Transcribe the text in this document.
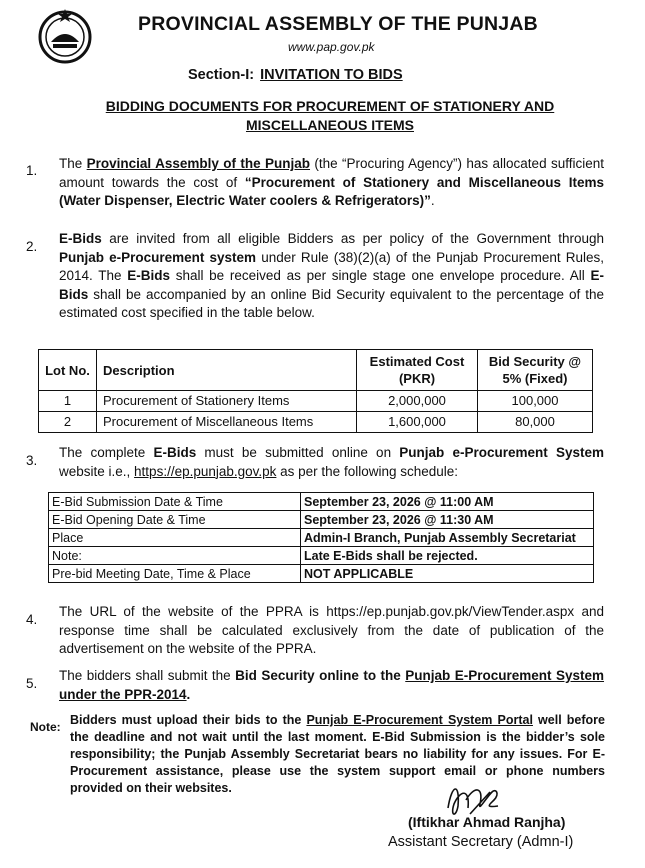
PROVINCIAL ASSEMBLY OF THE PUNJAB
www.pap.gov.pk
Section-I: INVITATION TO BIDS
BIDDING DOCUMENTS FOR PROCUREMENT OF STATIONERY AND MISCELLANEOUS ITEMS
1. The Provincial Assembly of the Punjab (the “Procuring Agency”) has allocated sufficient amount towards the cost of “Procurement of Stationery and Miscellaneous Items (Water Dispenser, Electric Water coolers & Refrigerators)”.
2.
E-Bids are invited from all eligible Bidders as per policy of the Government through Punjab e-Procurement system under Rule (38)(2)(a) of the Punjab Procurement Rules, 2014. The E-Bids shall be received as per single stage one envelope procedure. All E-Bids shall be accompanied by an online Bid Security equivalent to the percentage of the estimated cost specified in the table below.
Lot No.	Description	Estimated Cost (PKR)	Bid Security @ 5% (Fixed)
1	Procurement of Stationery Items	2,000,000	100,000
2	Procurement of Miscellaneous Items	1,600,000	80,000
3.
The complete E-Bids must be submitted online on Punjab e-Procurement System website i.e., https://ep.punjab.gov.pk as per the following schedule:
E-Bid Submission Date & Time	September 23, 2026 @ 11:00 AM
E-Bid Opening Date & Time	September 23, 2026 @ 11:30 AM
Place	Admin-I Branch, Punjab Assembly Secretariat
Note:	Late E-Bids shall be rejected.
Pre-bid Meeting Date, Time & Place	NOT APPLICABLE
4.
The URL of the website of the PPRA is https://ep.punjab.gov.pk/ViewTender.aspx and response time shall be calculated exclusively from the date of publication of the advertisement on the website of the PPRA.
5.
The bidders shall submit the Bid Security online to the Punjab E-Procurement System under the PPR-2014.
Note: Bidders must upload their bids to the Punjab E-Procurement System Portal well before the deadline and not wait until the last moment. E-Bid Submission is the bidder’s sole responsibility; the Punjab Assembly Secretariat bears no liability for any issues. For E-Procurement assistance, please use the system support email or phone numbers provided on their websites.
(Iftikhar Ahmad Ranjha)
Assistant Secretary (Admn-I)
